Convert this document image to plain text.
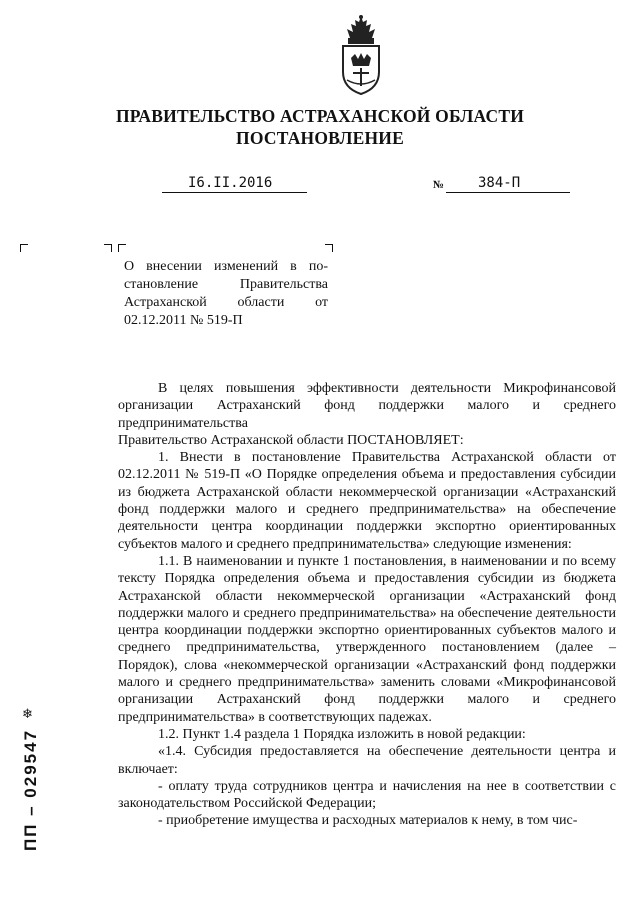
ПРАВИТЕЛЬСТВО АСТРАХАНСКОЙ ОБЛАСТИ
ПОСТАНОВЛЕНИЕ
I6.II.2016	№	384-П
О внесении изменений в по-
становление Правительства
Астраханской области от
02.12.2011 № 519-П

В целях повышения эффективности деятельности Микрофинансовой организации Астраханский фонд поддержки малого и среднего предпринимательства

Правительство Астраханской области ПОСТАНОВЛЯЕТ:

1. Внести в постановление Правительства Астраханской области от 02.12.2011 № 519-П «О Порядке определения объема и предоставления субсидии из бюджета Астраханской области некоммерческой организации «Астраханский фонд поддержки малого и среднего предпринимательства» на обеспечение деятельности центра координации поддержки экспортно ориентированных субъектов малого и среднего предпринимательства» следующие изменения:

1.1. В наименовании и пункте 1 постановления, в наименовании и по всему тексту Порядка определения объема и предоставления субсидии из бюджета Астраханской области некоммерческой организации «Астраханский фонд поддержки малого и среднего предпринимательства» на обеспечение деятельности центра координации поддержки экспортно ориентированных субъектов малого и среднего предпринимательства, утвержденного постановлением (далее – Порядок), слова «некоммерческой организации «Астраханский фонд поддержки малого и среднего предпринимательства» заменить словами «Микрофинансовой организации Астраханский фонд поддержки малого и среднего предпринимательства» в соответствующих падежах.

1.2. Пункт 1.4 раздела 1 Порядка изложить в новой редакции:

«1.4. Субсидия предоставляется на обеспечение деятельности центра и включает:

- оплату труда сотрудников центра и начисления на нее в соответствии с законодательством Российской Федерации;

- приобретение имущества и расходных материалов к нему, в том чис-

ПП – 029547
❄
